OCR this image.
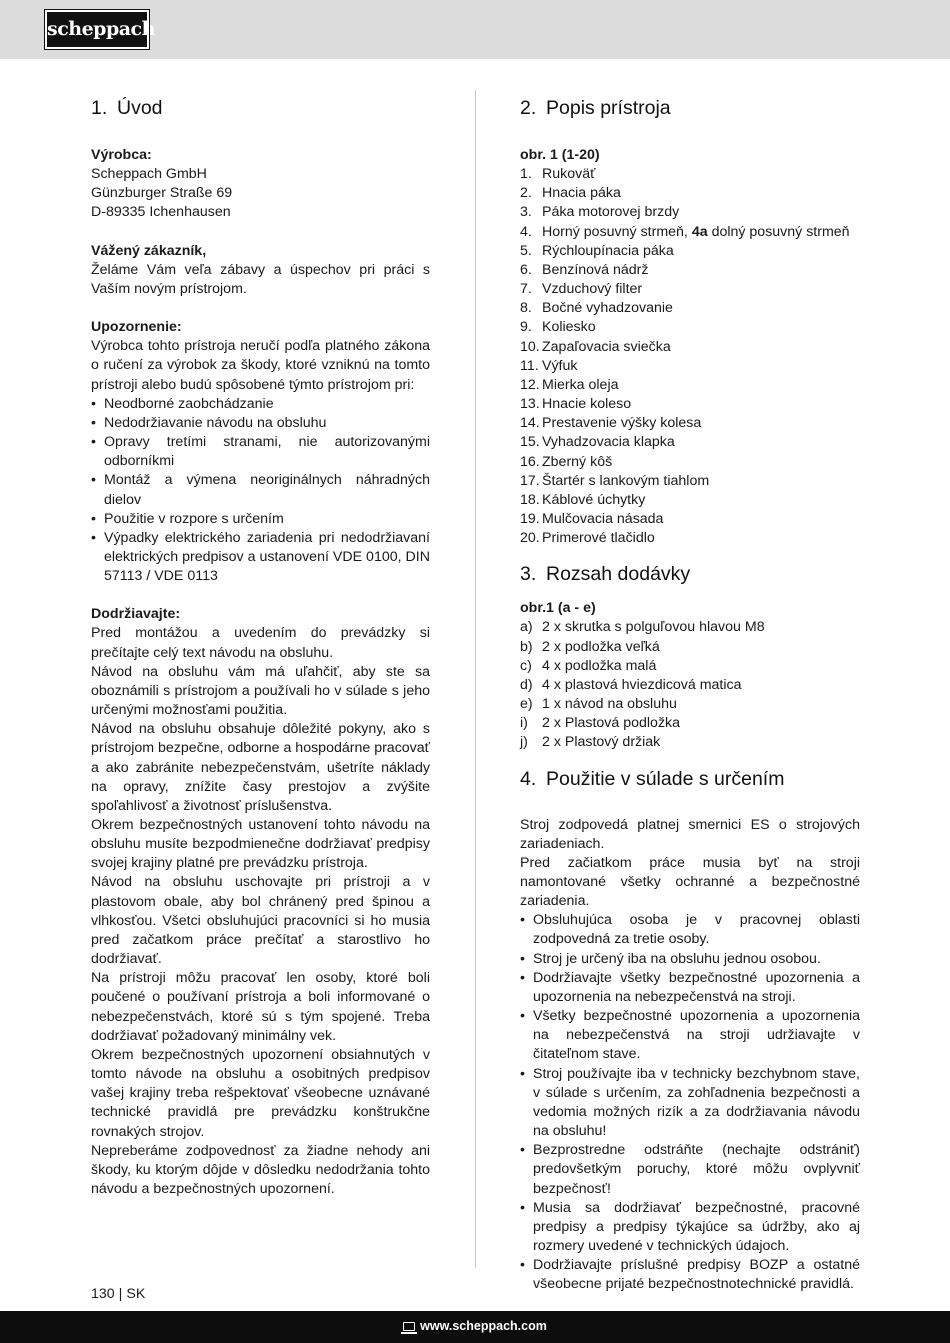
scheppach
1. Úvod

Výrobca:

Scheppach GmbH

Günzburger Straße 69

D-89335 Ichenhausen

Vážený zákazník,

Želáme Vám veľa zábavy a úspechov pri práci s Vaším novým prístrojom.

Upozornenie:

Výrobca tohto prístroja neručí podľa platného zákona o ručení za výrobok za škody, ktoré vzniknú na tomto prístroji alebo budú spôsobené týmto prístrojom pri:

• Neodborné zaobchádzanie
• Nedodržiavanie návodu na obsluhu
• Opravy tretími stranami, nie autorizovanými odborníkmi
• Montáž a výmena neoriginálnych náhradných dielov
• Použitie v rozpore s určením
• Výpadky elektrického zariadenia pri nedodržiavaní elektrických predpisov a ustanovení VDE 0100, DIN 57113 / VDE 0113

Dodržiavajte:

Pred montážou a uvedením do prevádzky si prečítajte celý text návodu na obsluhu.

Návod na obsluhu vám má uľahčiť, aby ste sa oboznámili s prístrojom a používali ho v súlade s jeho určenými možnosťami použitia.

Návod na obsluhu obsahuje dôležité pokyny, ako s prístrojom bezpečne, odborne a hospodárne pracovať a ako zabránite nebezpečenstvám, ušetríte náklady na opravy, znížite časy prestojov a zvýšite spoľahlivosť a životnosť príslušenstva.

Okrem bezpečnostných ustanovení tohto návodu na obsluhu musíte bezpodmienečne dodržiavať predpisy svojej krajiny platné pre prevádzku prístroja.

Návod na obsluhu uschovajte pri prístroji a v plastovom obale, aby bol chránený pred špinou a vlhkosťou. Všetci obsluhujúci pracovníci si ho musia pred začatkom práce prečítať a starostlivo ho dodržiavať.

Na prístroji môžu pracovať len osoby, ktoré boli poučené o používaní prístroja a boli informované o nebezpečenstvách, ktoré sú s tým spojené. Treba dodržiavať požadovaný minimálny vek.

Okrem bezpečnostných upozornení obsiahnutých v tomto návode na obsluhu a osobitných predpisov vašej krajiny treba rešpektovať všeobecne uznávané technické pravidlá pre prevádzku konštrukčne rovnakých strojov.

Nepreberáme zodpovednosť za žiadne nehody ani škody, ku ktorým dôjde v dôsledku nedodržania tohto návodu a bezpečnostných upozornení.

2. Popis prístroja

obr. 1 (1-20)

1. Rukoväť
2. Hnacia páka
3. Páka motorovej brzdy
4. Horný posuvný strmeň, 4a dolný posuvný strmeň
5. Rýchloupínacia páka
6. Benzínová nádrž
7. Vzduchový filter
8. Bočné vyhadzovanie
9. Koliesko
10. Zapaľovacia sviečka
11. Výfuk
12. Mierka oleja
13. Hnacie koleso
14. Prestavenie výšky kolesa
15. Vyhadzovacia klapka
16. Zberný kôš
17. Štartér s lankovým tiahlom
18. Káblové úchytky
19. Mulčovacia násada
20. Primerové tlačidlo
3. Rozsah dodávky

obr.1 (a - e)

a) 2 x skrutka s polguľovou hlavou M8
b) 2 x podložka veľká
c) 4 x podložka malá
d) 4 x plastová hviezdicová matica
e) 1 x návod na obsluhu
i) 2 x Plastová podložka
j) 2 x Plastový držiak
4. Použitie v súlade s určením

Stroj zodpovedá platnej smernici ES o strojových zariadeniach.

Pred začiatkom práce musia byť na stroji namontované všetky ochranné a bezpečnostné zariadenia.

• Obsluhujúca osoba je v pracovnej oblasti zodpovedná za tretie osoby.
• Stroj je určený iba na obsluhu jednou osobou.
• Dodržiavajte všetky bezpečnostné upozornenia a upozornenia na nebezpečenstvá na stroji.
• Všetky bezpečnostné upozornenia a upozornenia na nebezpečenstvá na stroji udržiavajte v čitateľnom stave.
• Stroj používajte iba v technicky bezchybnom stave, v súlade s určením, za zohľadnenia bezpečnosti a vedomia možných rizík a za dodržiavania návodu na obsluhu!
• Bezprostredne odstráňte (nechajte odstrániť) predovšetkým poruchy, ktoré môžu ovplyvniť bezpečnosť!
• Musia sa dodržiavať bezpečnostné, pracovné predpisy a predpisy týkajúce sa údržby, ako aj rozmery uvedené v technických údajoch.
• Dodržiavajte príslušné predpisy BOZP a ostatné všeobecne prijaté bezpečnostnotechnické pravidlá.
130 | SK
www.scheppach.com
